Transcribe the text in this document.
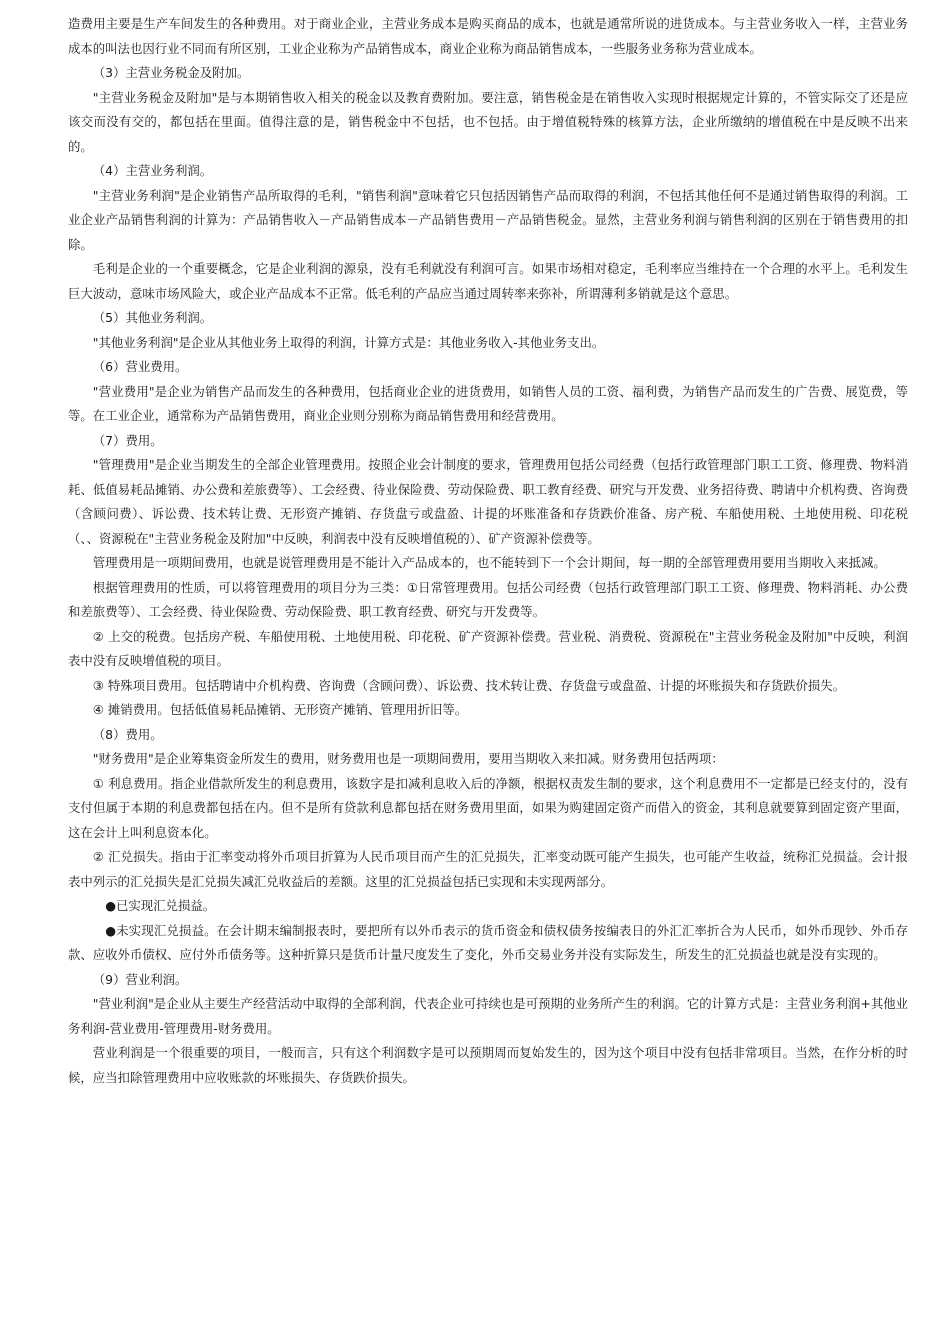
造费用主要是生产车间发生的各种费用。对于商业企业，主营业务成本是购买商品的成本，也就是通常所说的进货成本。与主营业务收入一样，主营业务成本的叫法也因行业不同而有所区别，工业企业称为产品销售成本，商业企业称为商品销售成本，一些服务业务称为营业成本。

（3）主营业务税金及附加。

"主营业务税金及附加"是与本期销售收入相关的税金以及教育费附加。要注意，销售税金是在销售收入实现时根据规定计算的，不管实际交了还是应该交而没有交的，都包括在里面。值得注意的是，销售税金中不包括，也不包括。由于增值税特殊的核算方法，企业所缴纳的增值税在中是反映不出来的。

（4）主营业务利润。

"主营业务利润"是企业销售产品所取得的毛利，"销售利润"意味着它只包括因销售产品而取得的利润，不包括其他任何不是通过销售取得的利润。工业企业产品销售利润的计算为：产品销售收入－产品销售成本－产品销售费用－产品销售税金。显然，主营业务利润与销售利润的区别在于销售费用的扣除。

毛利是企业的一个重要概念，它是企业利润的源泉，没有毛利就没有利润可言。如果市场相对稳定，毛利率应当维持在一个合理的水平上。毛利发生巨大波动，意味市场风险大，或企业产品成本不正常。低毛利的产品应当通过周转率来弥补，所谓薄利多销就是这个意思。

（5）其他业务利润。

"其他业务利润"是企业从其他业务上取得的利润，计算方式是：其他业务收入-其他业务支出。

（6）营业费用。

"营业费用"是企业为销售产品而发生的各种费用，包括商业企业的进货费用，如销售人员的工资、福利费，为销售产品而发生的广告费、展览费，等等。在工业企业，通常称为产品销售费用，商业企业则分别称为商品销售费用和经营费用。

（7）费用。

"管理费用"是企业当期发生的全部企业管理费用。按照企业会计制度的要求，管理费用包括公司经费（包括行政管理部门职工工资、修理费、物料消耗、低值易耗品摊销、办公费和差旅费等）、工会经费、待业保险费、劳动保险费、职工教育经费、研究与开发费、业务招待费、聘请中介机构费、咨询费（含顾问费）、诉讼费、技术转让费、无形资产摊销、存货盘亏或盘盈、计提的坏账准备和存货跌价准备、房产税、车船使用税、土地使用税、印花税（、、资源税在"主营业务税金及附加"中反映，利润表中没有反映增值税的）、矿产资源补偿费等。

管理费用是一项期间费用，也就是说管理费用是不能计入产品成本的，也不能转到下一个会计期间，每一期的全部管理费用要用当期收入来抵减。

根据管理费用的性质，可以将管理费用的项目分为三类：①日常管理费用。包括公司经费（包括行政管理部门职工工资、修理费、物料消耗、办公费和差旅费等）、工会经费、待业保险费、劳动保险费、职工教育经费、研究与开发费等。

② 上交的税费。包括房产税、车船使用税、土地使用税、印花税、矿产资源补偿费。营业税、消费税、资源税在"主营业务税金及附加"中反映，利润表中没有反映增值税的项目。

③ 特殊项目费用。包括聘请中介机构费、咨询费（含顾问费）、诉讼费、技术转让费、存货盘亏或盘盈、计提的坏账损失和存货跌价损失。

④ 摊销费用。包括低值易耗品摊销、无形资产摊销、管理用折旧等。

（8）费用。

"财务费用"是企业筹集资金所发生的费用，财务费用也是一项期间费用，要用当期收入来扣减。财务费用包括两项：

① 利息费用。指企业借款所发生的利息费用，该数字是扣减利息收入后的净额，根据权责发生制的要求，这个利息费用不一定都是已经支付的，没有支付但属于本期的利息费都包括在内。但不是所有贷款利息都包括在财务费用里面，如果为购建固定资产而借入的资金，其利息就要算到固定资产里面，这在会计上叫利息资本化。

② 汇兑损失。指由于汇率变动将外币项目折算为人民币项目而产生的汇兑损失，汇率变动既可能产生损失，也可能产生收益，统称汇兑损益。会计报表中列示的汇兑损失是汇兑损失减汇兑收益后的差额。这里的汇兑损益包括已实现和未实现两部分。

●已实现汇兑损益。

●未实现汇兑损益。在会计期末编制报表时，要把所有以外币表示的货币资金和债权债务按编表日的外汇汇率折合为人民币，如外币现钞、外币存款、应收外币债权、应付外币债务等。这种折算只是货币计量尺度发生了变化，外币交易业务并没有实际发生，所发生的汇兑损益也就是没有实现的。

（9）营业利润。

"营业利润"是企业从主要生产经营活动中取得的全部利润，代表企业可持续也是可预期的业务所产生的利润。它的计算方式是：主营业务利润+其他业务利润-营业费用-管理费用-财务费用。

营业利润是一个很重要的项目，一般而言，只有这个利润数字是可以预期周而复始发生的，因为这个项目中没有包括非常项目。当然，在作分析的时候，应当扣除管理费用中应收账款的坏账损失、存货跌价损失。
